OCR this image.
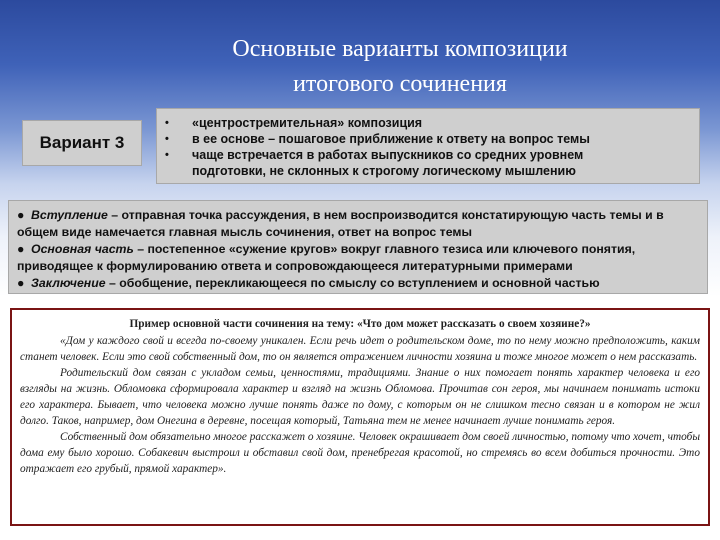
Основные варианты композиции
итогового сочинения
Вариант 3
• «центростремительная» композиция
• в ее основе – пошаговое приближение к ответу на вопрос темы
• чаще встречается в работах выпускников со средних уровнем
подготовки, не склонных к строгому логическому мышлению
● Вступление – отправная точка рассуждения, в нем воспроизводится констатирующую часть темы и в общем виде намечается главная мысль сочинения, ответ на вопрос темы
● Основная часть – постепенное «сужение кругов» вокруг главного тезиса или ключевого понятия, приводящее к формулированию ответа и сопровождающееся литературными примерами
● Заключение – обобщение, перекликающееся по смыслу со вступлением и основной частью
Пример основной части сочинения на тему: «Что дом может рассказать о своем хозяине?»

«Дом у каждого свой и всегда по-своему уникален. Если речь идет о родительском доме, то по нему можно предположить, каким станет человек. Если это свой собственный дом, то он является отражением личности хозяина и тоже многое может о нем рассказать.

Родительский дом связан с укладом семьи, ценностями, традициями. Знание о них помогает понять характер человека и его взгляды на жизнь. Обломовка сформировала характер и взгляд на жизнь Обломова. Прочитав сон героя, мы начинаем понимать истоки его характера. Бывает, что человека можно лучше понять даже по дому, с которым он не слишком тесно связан и в котором не жил долго. Таков, например, дом Онегина в деревне, посещая который, Татьяна тем не менее начинает лучше понимать героя.

Собственный дом обязательно многое расскажет о хозяине. Человек окрашивает дом своей личностью, потому что хочет, чтобы дома ему было хорошо. Собакевич выстроил и обставил свой дом, пренебрегая красотой, но стремясь во всем добиться прочности. Это отражает его грубый, прямой характер».
